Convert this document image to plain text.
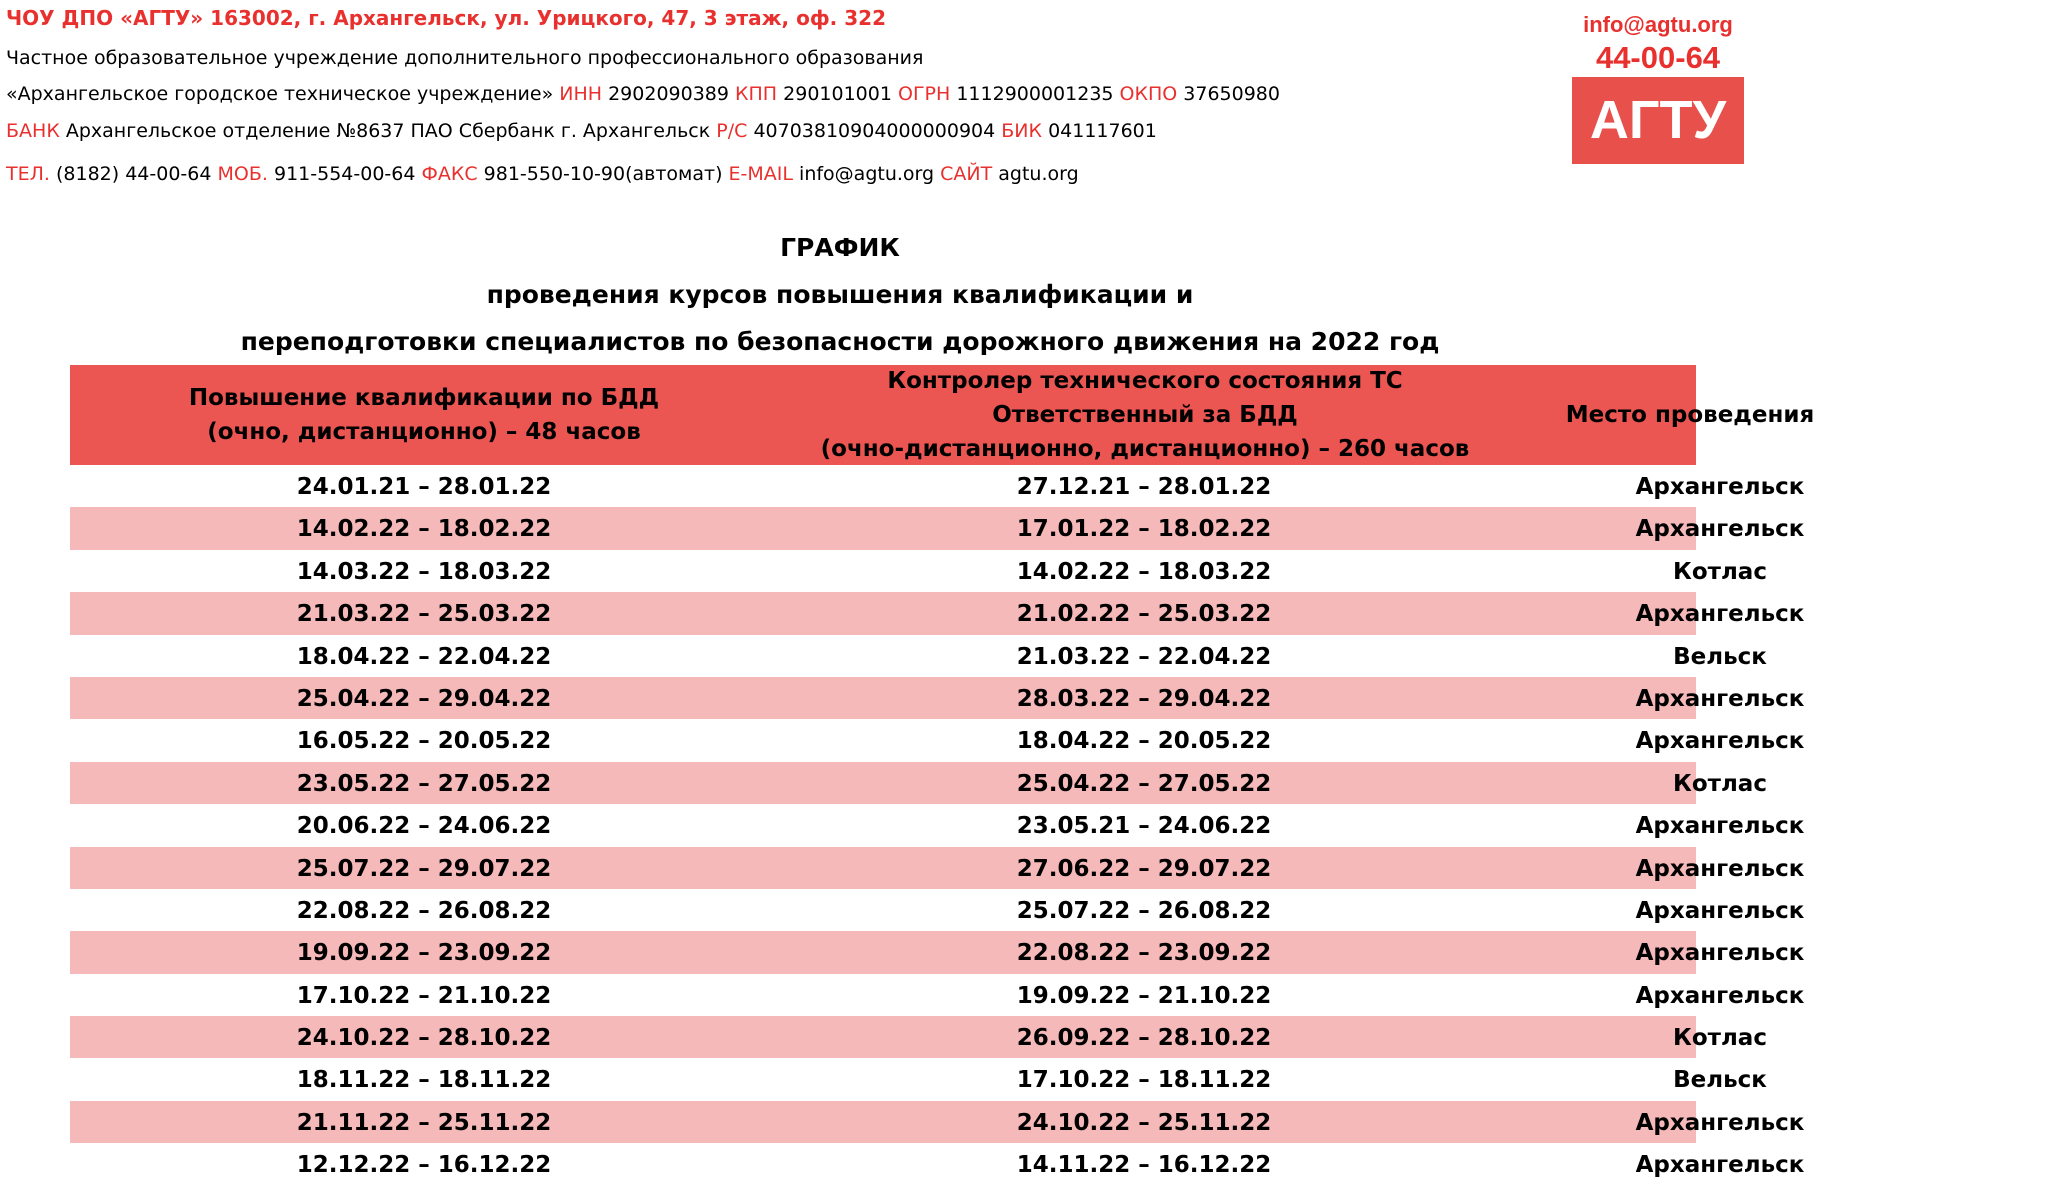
ЧОУ ДПО «АГТУ» 163002, г. Архангельск, ул. Урицкого, 47, 3 этаж, оф. 322
Частное образовательное учреждение дополнительного профессионального образования
«Архангельское городское техническое учреждение» ИНН 2902090389 КПП 290101001 ОГРН 1112900001235 ОКПО 37650980
БАНК Архангельское отделение №8637 ПАО Сбербанк г. Архангельск Р/С 40703810904000000904 БИК 041117601
ТЕЛ. (8182) 44-00-64 МОБ. 911-554-00-64 ФАКС 981-550-10-90(автомат) E-MAIL info@agtu.org САЙТ agtu.org
info@agtu.org
44-00-64
АГТУ
ГРАФИК
проведения курсов повышения квалификации и
переподготовки специалистов по безопасности дорожного движения на 2022 год
Повышение квалификации по БДД
(очно, дистанционно) – 48 часов
Контролер технического состояния ТС
Ответственный за БДД
(очно-дистанционно, дистанционно) – 260 часов
Место проведения
24.01.21 – 28.01.22	27.12.21 – 28.01.22	Архангельск
14.02.22 – 18.02.22	17.01.22 – 18.02.22	Архангельск
14.03.22 – 18.03.22	14.02.22 – 18.03.22	Котлас
21.03.22 – 25.03.22	21.02.22 – 25.03.22	Архангельск
18.04.22 – 22.04.22	21.03.22 – 22.04.22	Вельск
25.04.22 – 29.04.22	28.03.22 – 29.04.22	Архангельск
16.05.22 – 20.05.22	18.04.22 – 20.05.22	Архангельск
23.05.22 – 27.05.22	25.04.22 – 27.05.22	Котлас
20.06.22 – 24.06.22	23.05.21 – 24.06.22	Архангельск
25.07.22 – 29.07.22	27.06.22 – 29.07.22	Архангельск
22.08.22 – 26.08.22	25.07.22 – 26.08.22	Архангельск
19.09.22 – 23.09.22	22.08.22 – 23.09.22	Архангельск
17.10.22 – 21.10.22	19.09.22 – 21.10.22	Архангельск
24.10.22 – 28.10.22	26.09.22 – 28.10.22	Котлас
18.11.22 – 18.11.22	17.10.22 – 18.11.22	Вельск
21.11.22 – 25.11.22	24.10.22 – 25.11.22	Архангельск
12.12.22 – 16.12.22	14.11.22 – 16.12.22	Архангельск
